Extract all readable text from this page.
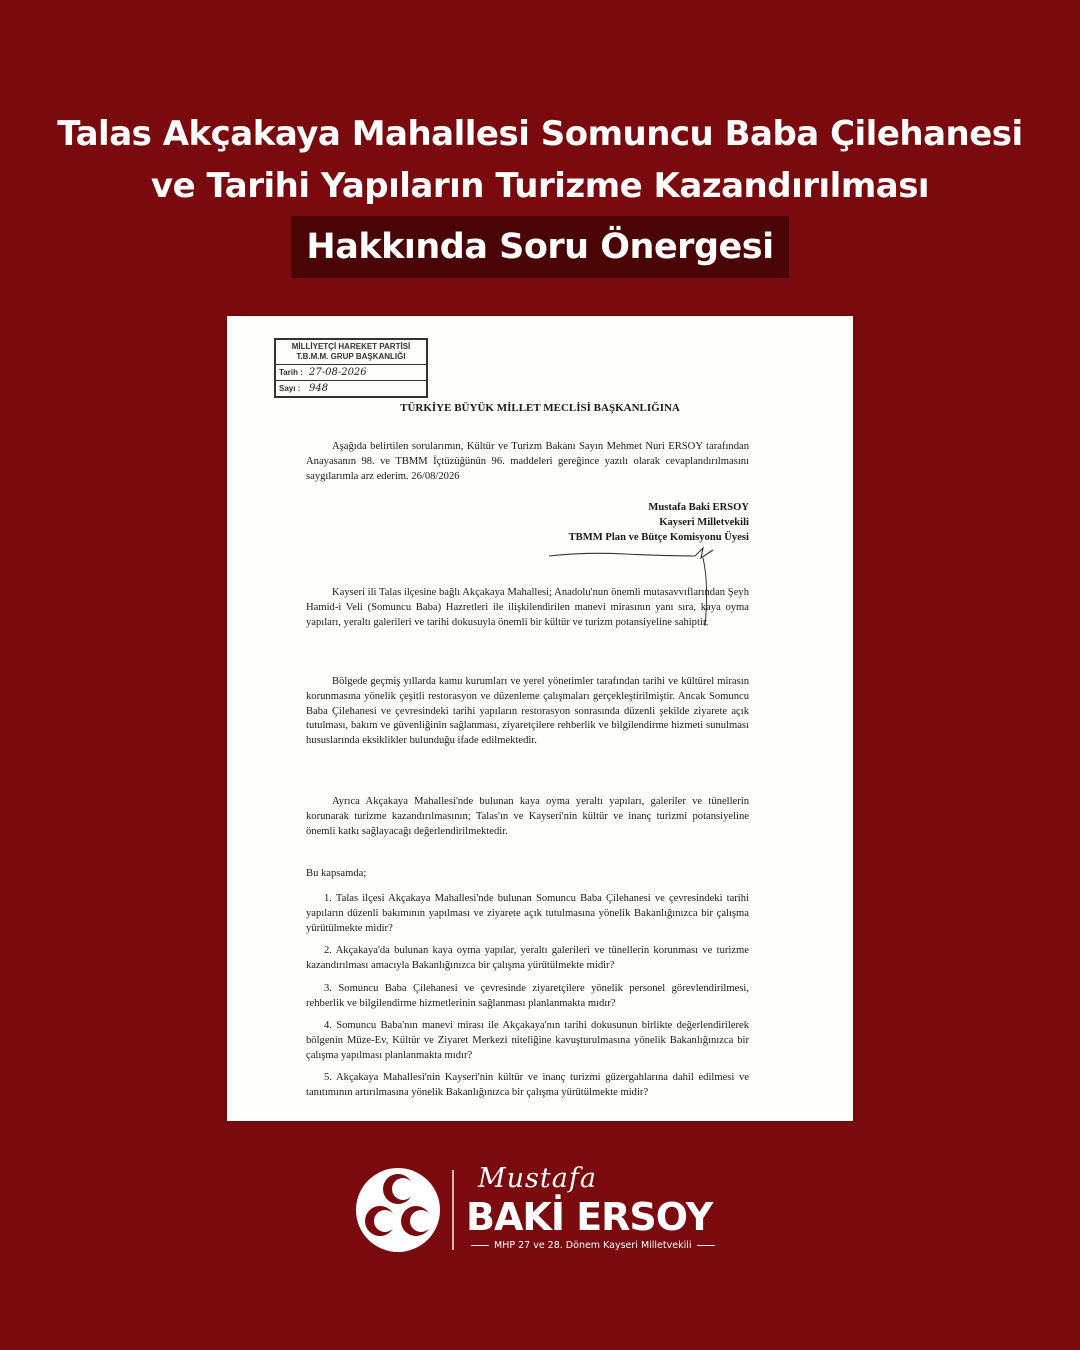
Talas Akçakaya Mahallesi Somuncu Baba Çilehanesi
ve Tarihi Yapıların Turizme Kazandırılması
Hakkında Soru Önergesi
MİLLİYETÇİ HAREKET PARTİSİ
T.B.M.M. GRUP BAŞKANLIĞI
Tarih : 27-08-2026
Sayı : 948
TÜRKİYE BÜYÜK MİLLET MECLİSİ BAŞKANLIĞINA
Aşağıda belirtilen sorularımın, Kültür ve Turizm Bakanı Sayın Mehmet Nuri ERSOY tarafından Anayasanın 98. ve TBMM İçtüzüğünün 96. maddeleri gereğince yazılı olarak cevaplandırılmasını saygılarımla arz ederim. 26/08/2026
Mustafa Baki ERSOY
Kayseri Milletvekili
TBMM Plan ve Bütçe Komisyonu Üyesi
Kayseri ili Talas ilçesine bağlı Akçakaya Mahallesi; Anadolu'nun önemli mutasavvıflarından Şeyh Hamid-i Veli (Somuncu Baba) Hazretleri ile ilişkilendirilen manevi mirasının yanı sıra, kaya oyma yapıları, yeraltı galerileri ve tarihi dokusuyla önemli bir kültür ve turizm potansiyeline sahiptir.
Bölgede geçmiş yıllarda kamu kurumları ve yerel yönetimler tarafından tarihi ve kültürel mirasın korunmasına yönelik çeşitli restorasyon ve düzenleme çalışmaları gerçekleştirilmiştir. Ancak Somuncu Baba Çilehanesi ve çevresindeki tarihi yapıların restorasyon sonrasında düzenli şekilde ziyarete açık tutulması, bakım ve güvenliğinin sağlanması, ziyaretçilere rehberlik ve bilgilendirme hizmeti sunulması hususlarında eksiklikler bulunduğu ifade edilmektedir.
Ayrıca Akçakaya Mahallesi'nde bulunan kaya oyma yeraltı yapıları, galeriler ve tünellerin korunarak turizme kazandırılmasının; Talas'ın ve Kayseri'nin kültür ve inanç turizmi potansiyeline önemli katkı sağlayacağı değerlendirilmektedir.
Bu kapsamda;
1. Talas ilçesi Akçakaya Mahallesi'nde bulunan Somuncu Baba Çilehanesi ve çevresindeki tarihi yapıların düzenli bakımının yapılması ve ziyarete açık tutulmasına yönelik Bakanlığınızca bir çalışma yürütülmekte midir?
2. Akçakaya'da bulunan kaya oyma yapılar, yeraltı galerileri ve tünellerin korunması ve turizme kazandırılması amacıyla Bakanlığınızca bir çalışma yürütülmekte midir?
3. Somuncu Baba Çilehanesi ve çevresinde ziyaretçilere yönelik personel görevlendirilmesi, rehberlik ve bilgilendirme hizmetlerinin sağlanması planlanmakta mıdır?
4. Somuncu Baba'nın manevi mirası ile Akçakaya'nın tarihi dokusunun birlikte değerlendirilerek bölgenin Müze-Ev, Kültür ve Ziyaret Merkezi niteliğine kavuşturulmasına yönelik Bakanlığınızca bir çalışma yapılması planlanmakta mıdır?
5. Akçakaya Mahallesi'nin Kayseri'nin kültür ve inanç turizmi güzergahlarına dahil edilmesi ve tanıtımının artırılmasına yönelik Bakanlığınızca bir çalışma yürütülmekte midir?
Mustafa
BAKİ ERSOY
MHP 27 ve 28. Dönem Kayseri Milletvekili
